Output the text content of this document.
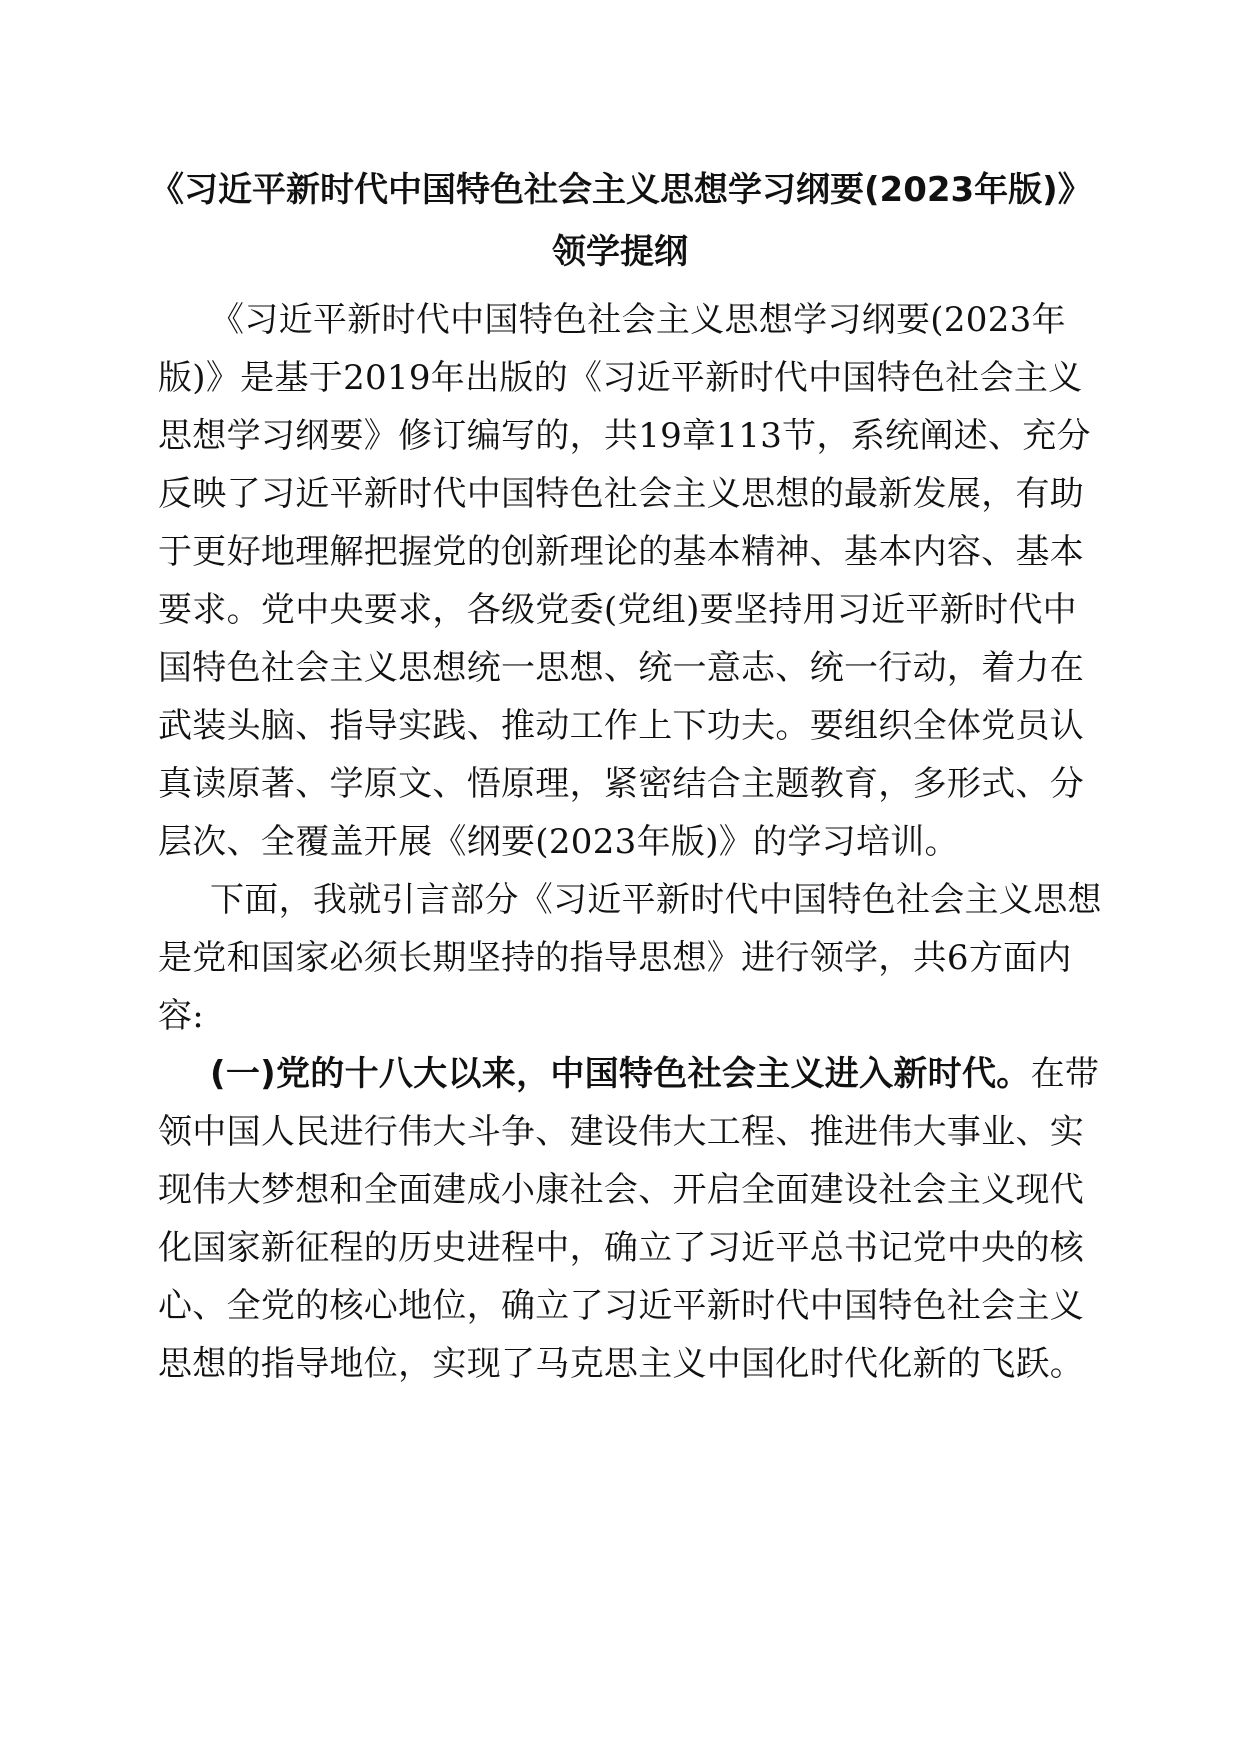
《习近平新时代中国特色社会主义思想学习纲要(2023年版)》
领学提纲
《习近平新时代中国特色社会主义思想学习纲要(2023年
版)》是基于2019年出版的《习近平新时代中国特色社会主义
思想学习纲要》修订编写的，共19章113节，系统阐述、充分
反映了习近平新时代中国特色社会主义思想的最新发展，有助
于更好地理解把握党的创新理论的基本精神、基本内容、基本
要求。党中央要求，各级党委(党组)要坚持用习近平新时代中
国特色社会主义思想统一思想、统一意志、统一行动，着力在
武装头脑、指导实践、推动工作上下功夫。要组织全体党员认
真读原著、学原文、悟原理，紧密结合主题教育，多形式、分
层次、全覆盖开展《纲要(2023年版)》的学习培训。
下面，我就引言部分《习近平新时代中国特色社会主义思想
是党和国家必须长期坚持的指导思想》进行领学，共6方面内
容:
(一)党的十八大以来，中国特色社会主义进入新时代。在带
领中国人民进行伟大斗争、建设伟大工程、推进伟大事业、实
现伟大梦想和全面建成小康社会、开启全面建设社会主义现代
化国家新征程的历史进程中，确立了习近平总书记党中央的核
心、全党的核心地位，确立了习近平新时代中国特色社会主义
思想的指导地位，实现了马克思主义中国化时代化新的飞跃。
